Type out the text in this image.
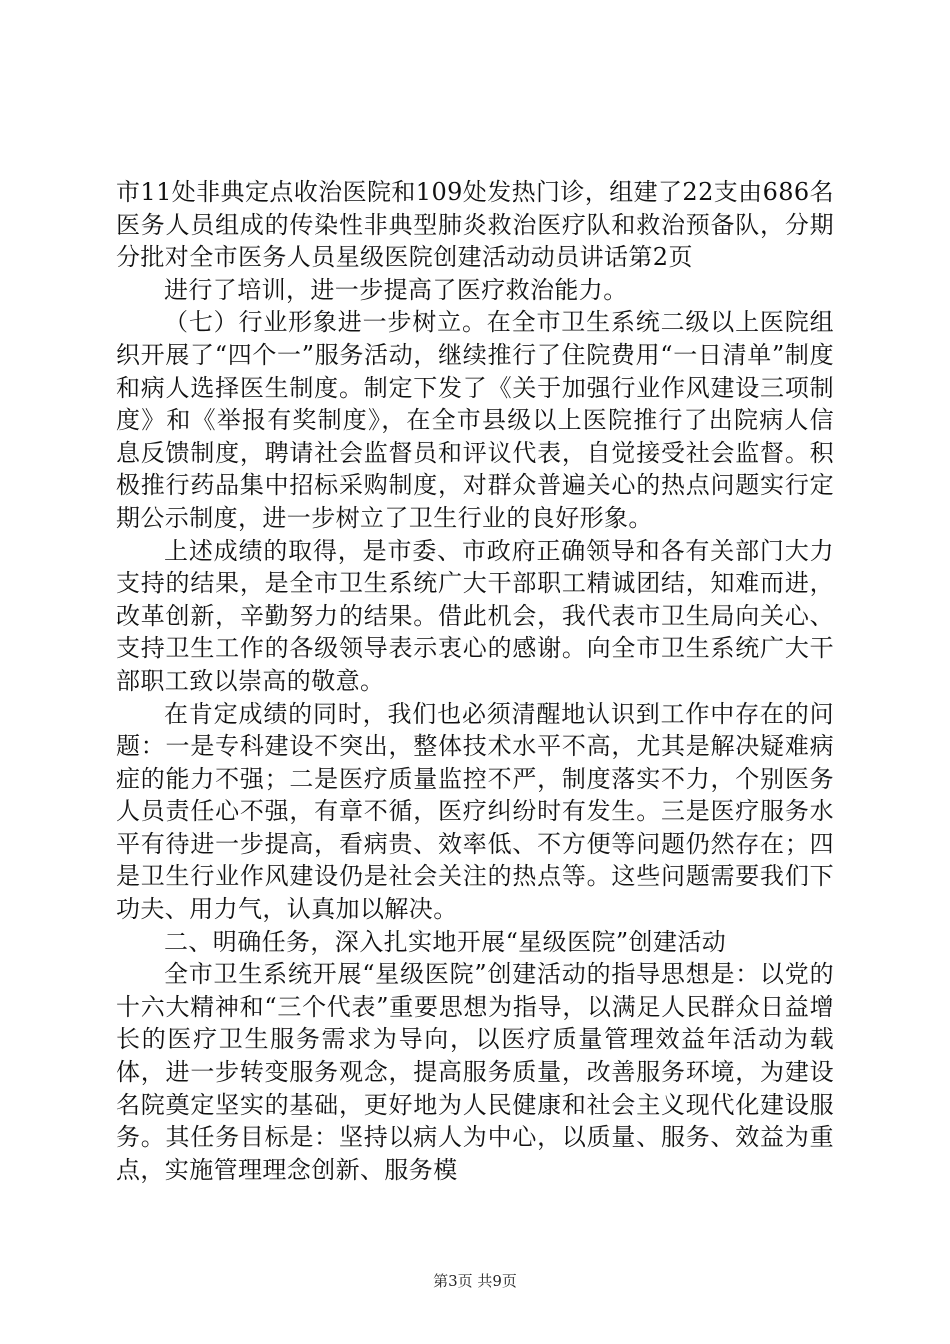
市11处非典定点收治医院和109处发热门诊，组建了22支由686名医务人员组成的传染性非典型肺炎救治医疗队和救治预备队，分期分批对全市医务人员星级医院创建活动动员讲话第2页

进行了培训，进一步提高了医疗救治能力。

（七）行业形象进一步树立。在全市卫生系统二级以上医院组织开展了“四个一”服务活动，继续推行了住院费用“一日清单”制度和病人选择医生制度。制定下发了《关于加强行业作风建设三项制度》和《举报有奖制度》，在全市县级以上医院推行了出院病人信息反馈制度，聘请社会监督员和评议代表，自觉接受社会监督。积极推行药品集中招标采购制度，对群众普遍关心的热点问题实行定期公示制度，进一步树立了卫生行业的良好形象。

上述成绩的取得，是市委、市政府正确领导和各有关部门大力支持的结果，是全市卫生系统广大干部职工精诚团结，知难而进，改革创新，辛勤努力的结果。借此机会，我代表市卫生局向关心、支持卫生工作的各级领导表示衷心的感谢。向全市卫生系统广大干部职工致以崇高的敬意。

在肯定成绩的同时，我们也必须清醒地认识到工作中存在的问题：一是专科建设不突出，整体技术水平不高，尤其是解决疑难病症的能力不强；二是医疗质量监控不严，制度落实不力，个别医务人员责任心不强，有章不循，医疗纠纷时有发生。三是医疗服务水平有待进一步提高，看病贵、效率低、不方便等问题仍然存在；四是卫生行业作风建设仍是社会关注的热点等。这些问题需要我们下功夫、用力气，认真加以解决。

二、明确任务，深入扎实地开展“星级医院”创建活动

全市卫生系统开展“星级医院”创建活动的指导思想是：以党的十六大精神和“三个代表”重要思想为指导，以满足人民群众日益增长的医疗卫生服务需求为导向，以医疗质量管理效益年活动为载体，进一步转变服务观念，提高服务质量，改善服务环境，为建设名院奠定坚实的基础，更好地为人民健康和社会主义现代化建设服务。其任务目标是：坚持以病人为中心，以质量、服务、效益为重点，实施管理理念创新、服务模

第3页 共9页
